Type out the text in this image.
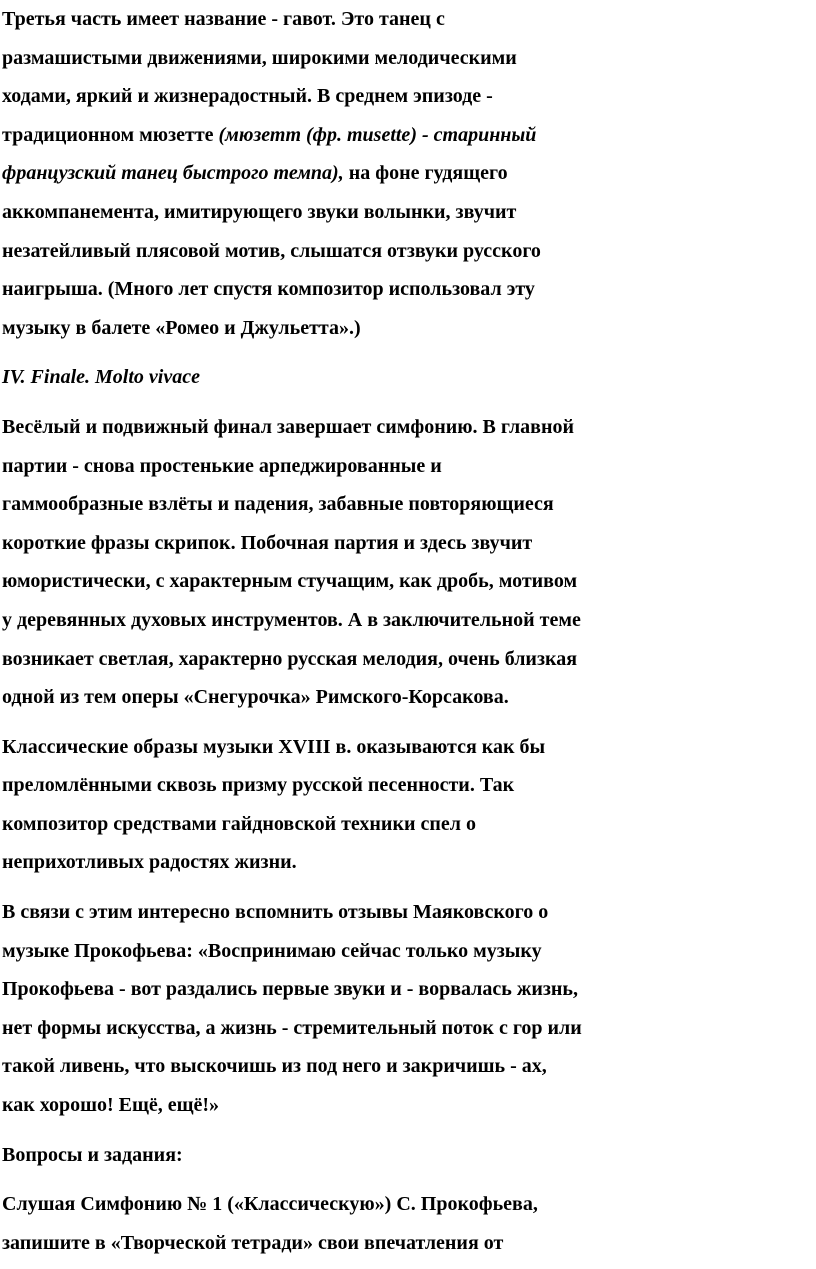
Третья часть имеет название - гавот. Это танец с
размашистыми движениями, широкими мелодическими
ходами, яркий и жизнерадостный. В среднем эпизоде -
традиционном мюзетте (мюзетт (фр. musette) - старинный
французский танец быстрого темпа), на фоне гудящего
аккомпанемента, имитирующего звуки волынки, звучит
незатейливый плясовой мотив, слышатся отзвуки русского
наигрыша. (Много лет спустя композитор использовал эту
музыку в балете «Ромео и Джульетта».)
IV. Finale. Molto vivace
Весёлый и подвижный финал завершает симфонию. В главной
партии - снова простенькие арпеджированные и
гаммообразные взлёты и падения, забавные повторяющиеся
короткие фразы скрипок. Побочная партия и здесь звучит
юмористически, с характерным стучащим, как дробь, мотивом
у деревянных духовых инструментов. А в заключительной теме
возникает светлая, характерно русская мелодия, очень близкая
одной из тем оперы «Снегурочка» Римского-Корсакова.
Классические образы музыки XVIII в. оказываются как бы
преломлёнными сквозь призму русской песенности. Так
композитор средствами гайдновской техники спел о
неприхотливых радостях жизни.
В связи с этим интересно вспомнить отзывы Маяковского о
музыке Прокофьева: «Воспринимаю сейчас только музыку
Прокофьева - вот раздались первые звуки и - ворвалась жизнь,
нет формы искусства, а жизнь - стремительный поток с гор или
такой ливень, что выскочишь из под него и закричишь - ах,
как хорошо! Ещё, ещё!»
Вопросы и задания:
Слушая Симфонию № 1 («Классическую») С. Прокофьева,
запишите в «Творческой тетради» свои впечатления от
